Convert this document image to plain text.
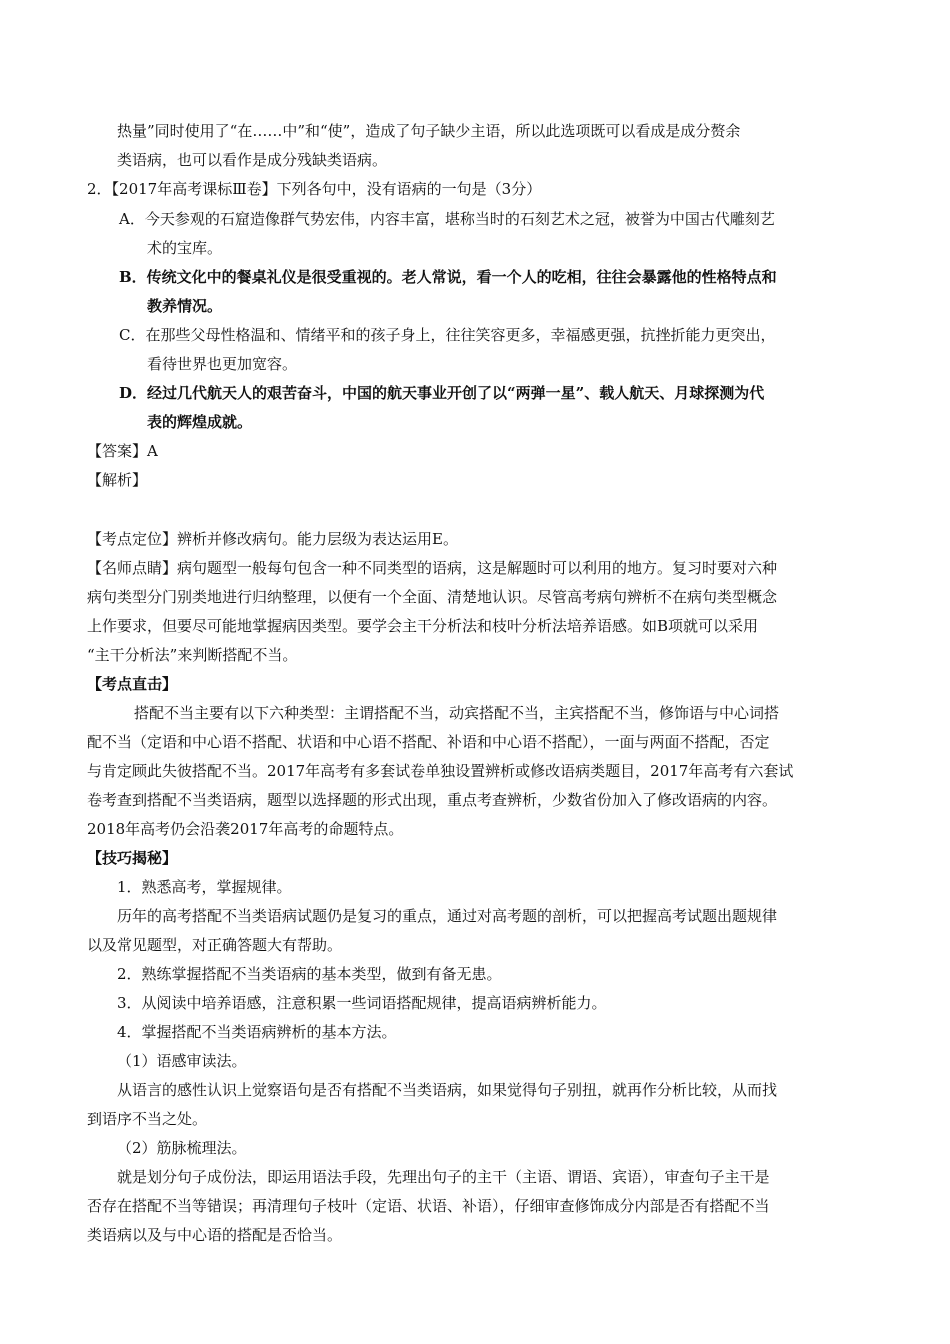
热量”同时使用了“在……中”和“使”，造成了句子缺少主语，所以此选项既可以看成是成分赘余
类语病，也可以看作是成分残缺类语病。
2．【2017年高考课标Ⅲ卷】下列各句中，没有语病的一句是（3分）
A．今天参观的石窟造像群气势宏伟，内容丰富，堪称当时的石刻艺术之冠，被誉为中国古代雕刻艺
术的宝库。
B．传统文化中的餐桌礼仪是很受重视的。老人常说，看一个人的吃相，往往会暴露他的性格特点和
教养情况。
C．在那些父母性格温和、情绪平和的孩子身上，往往笑容更多，幸福感更强，抗挫折能力更突出，
看待世界也更加宽容。
D．经过几代航天人的艰苦奋斗，中国的航天事业开创了以“两弹一星”、载人航天、月球探测为代
表的辉煌成就。
【答案】A
【解析】
【考点定位】辨析并修改病句。能力层级为表达运用E。
【名师点睛】病句题型一般每句包含一种不同类型的语病，这是解题时可以利用的地方。复习时要对六种
病句类型分门别类地进行归纳整理，以便有一个全面、清楚地认识。尽管高考病句辨析不在病句类型概念
上作要求，但要尽可能地掌握病因类型。要学会主干分析法和枝叶分析法培养语感。如B项就可以采用
“主干分析法”来判断搭配不当。
【考点直击】
搭配不当主要有以下六种类型：主谓搭配不当，动宾搭配不当，主宾搭配不当，修饰语与中心词搭
配不当（定语和中心语不搭配、状语和中心语不搭配、补语和中心语不搭配），一面与两面不搭配，否定
与肯定顾此失彼搭配不当。2017年高考有多套试卷单独设置辨析或修改语病类题目，2017年高考有六套试
卷考查到搭配不当类语病，题型以选择题的形式出现，重点考查辨析，少数省份加入了修改语病的内容。
2018年高考仍会沿袭2017年高考的命题特点。
【技巧揭秘】
1．熟悉高考，掌握规律。
历年的高考搭配不当类语病试题仍是复习的重点，通过对高考题的剖析，可以把握高考试题出题规律
以及常见题型，对正确答题大有帮助。
2．熟练掌握搭配不当类语病的基本类型，做到有备无患。
3．从阅读中培养语感，注意积累一些词语搭配规律，提高语病辨析能力。
4．掌握搭配不当类语病辨析的基本方法。
（1）语感审读法。
从语言的感性认识上觉察语句是否有搭配不当类语病，如果觉得句子别扭，就再作分析比较，从而找
到语序不当之处。
（2）筋脉梳理法。
就是划分句子成份法，即运用语法手段，先理出句子的主干（主语、谓语、宾语），审查句子主干是
否存在搭配不当等错误；再清理句子枝叶（定语、状语、补语），仔细审查修饰成分内部是否有搭配不当
类语病以及与中心语的搭配是否恰当。
